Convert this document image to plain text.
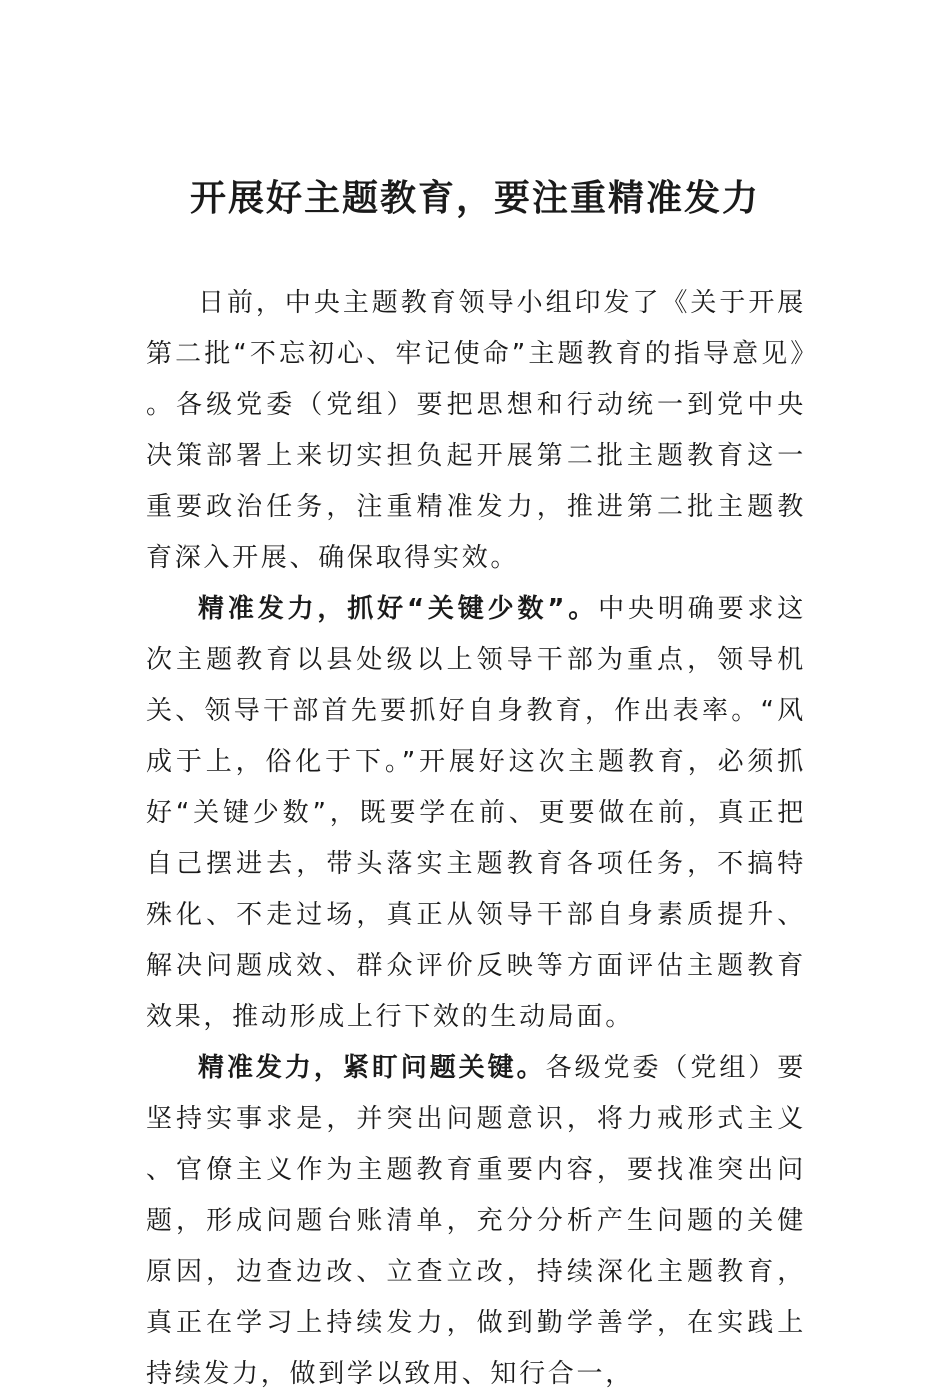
开展好主题教育，要注重精准发力

日前，中央主题教育领导小组印发了《关于开展第二批“不忘初心、牢记使命”主题教育的指导意见》。各级党委（党组）要把思想和行动统一到党中央决策部署上来切实担负起开展第二批主题教育这一重要政治任务，注重精准发力，推进第二批主题教育深入开展、确保取得实效。

精准发力，抓好“关键少数”。中央明确要求这次主题教育以县处级以上领导干部为重点，领导机关、领导干部首先要抓好自身教育，作出表率。“风成于上，俗化于下。”开展好这次主题教育，必须抓好“关键少数”，既要学在前、更要做在前，真正把自己摆进去，带头落实主题教育各项任务，不搞特殊化、不走过场，真正从领导干部自身素质提升、解决问题成效、群众评价反映等方面评估主题教育效果，推动形成上行下效的生动局面。

精准发力，紧盯问题关键。各级党委（党组）要坚持实事求是，并突出问题意识，将力戒形式主义、官僚主义作为主题教育重要内容，要找准突出问题，形成问题台账清单，充分分析产生问题的关健原因，边查边改、立查立改，持续深化主题教育，真正在学习上持续发力，做到勤学善学，在实践上持续发力，做到学以致用、知行合一，
